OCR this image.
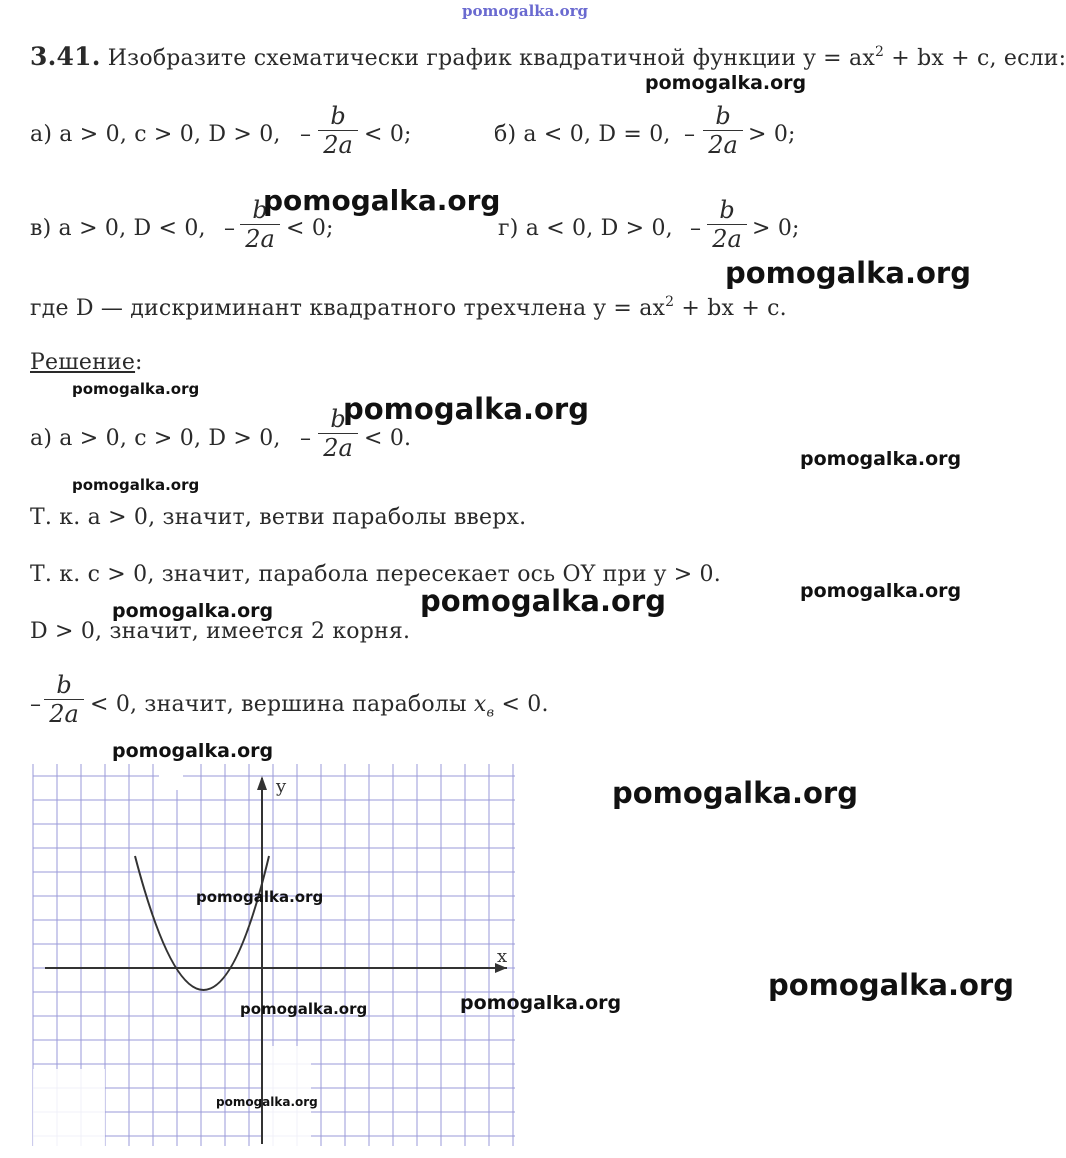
pomogalka.org
3.41. Изобразите схематически график квадратичной функции $y = ax^2$ + bx + c, если:
а) a > 0, c > 0, D > 0, –
b
2a < 0;	б) a < 0, D = 0, –
b
2a > 0;
в) a > 0, D < 0, –
b
2a < 0;	г) a < 0, D > 0, –
b
2a > 0;
где D — дискриминант квадратного трехчлена $y = ax^2$ + bx + c.
Решение:
а) a > 0, c > 0, D > 0, –
b
2a < 0.
Т. к. a > 0, значит, ветви параболы вверх.
Т. к. c > 0, значит, парабола пересекает ось OY при y > 0.
D > 0, значит, имеется 2 корня.
–
b
2a < 0, значит, вершина параболы $x_в < 0$.
x
y
pomogalka.org
pomogalka.org
pomogalka.org
pomogalka.org
pomogalka.org
pomogalka.org
pomogalka.org
pomogalka.org
pomogalka.org
pomogalka.org
pomogalka.org
pomogalka.org
pomogalka.org
pomogalka.org
pomogalka.org
pomogalka.org
pomogalka.org
